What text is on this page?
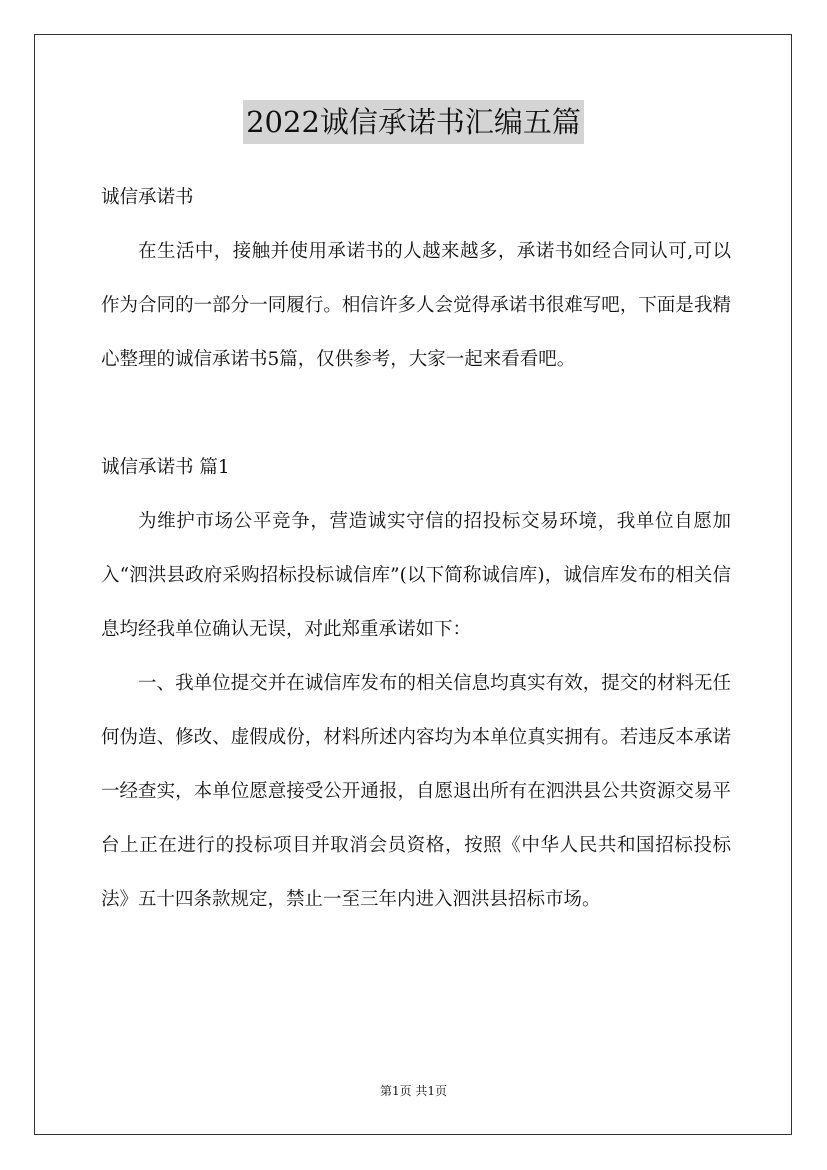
2022诚信承诺书汇编五篇

诚信承诺书

在生活中，接触并使用承诺书的人越来越多，承诺书如经合同认可,可以作为合同的一部分一同履行。相信许多人会觉得承诺书很难写吧，下面是我精心整理的诚信承诺书5篇，仅供参考，大家一起来看看吧。

诚信承诺书 篇1

为维护市场公平竞争，营造诚实守信的招投标交易环境，我单位自愿加入“泗洪县政府采购招标投标诚信库”(以下简称诚信库)，诚信库发布的相关信息均经我单位确认无误，对此郑重承诺如下：

一、我单位提交并在诚信库发布的相关信息均真实有效，提交的材料无任何伪造、修改、虚假成份，材料所述内容均为本单位真实拥有。若违反本承诺一经查实，本单位愿意接受公开通报，自愿退出所有在泗洪县公共资源交易平台上正在进行的投标项目并取消会员资格，按照《中华人民共和国招标投标法》五十四条款规定，禁止一至三年内进入泗洪县招标市场。

第1页 共1页
